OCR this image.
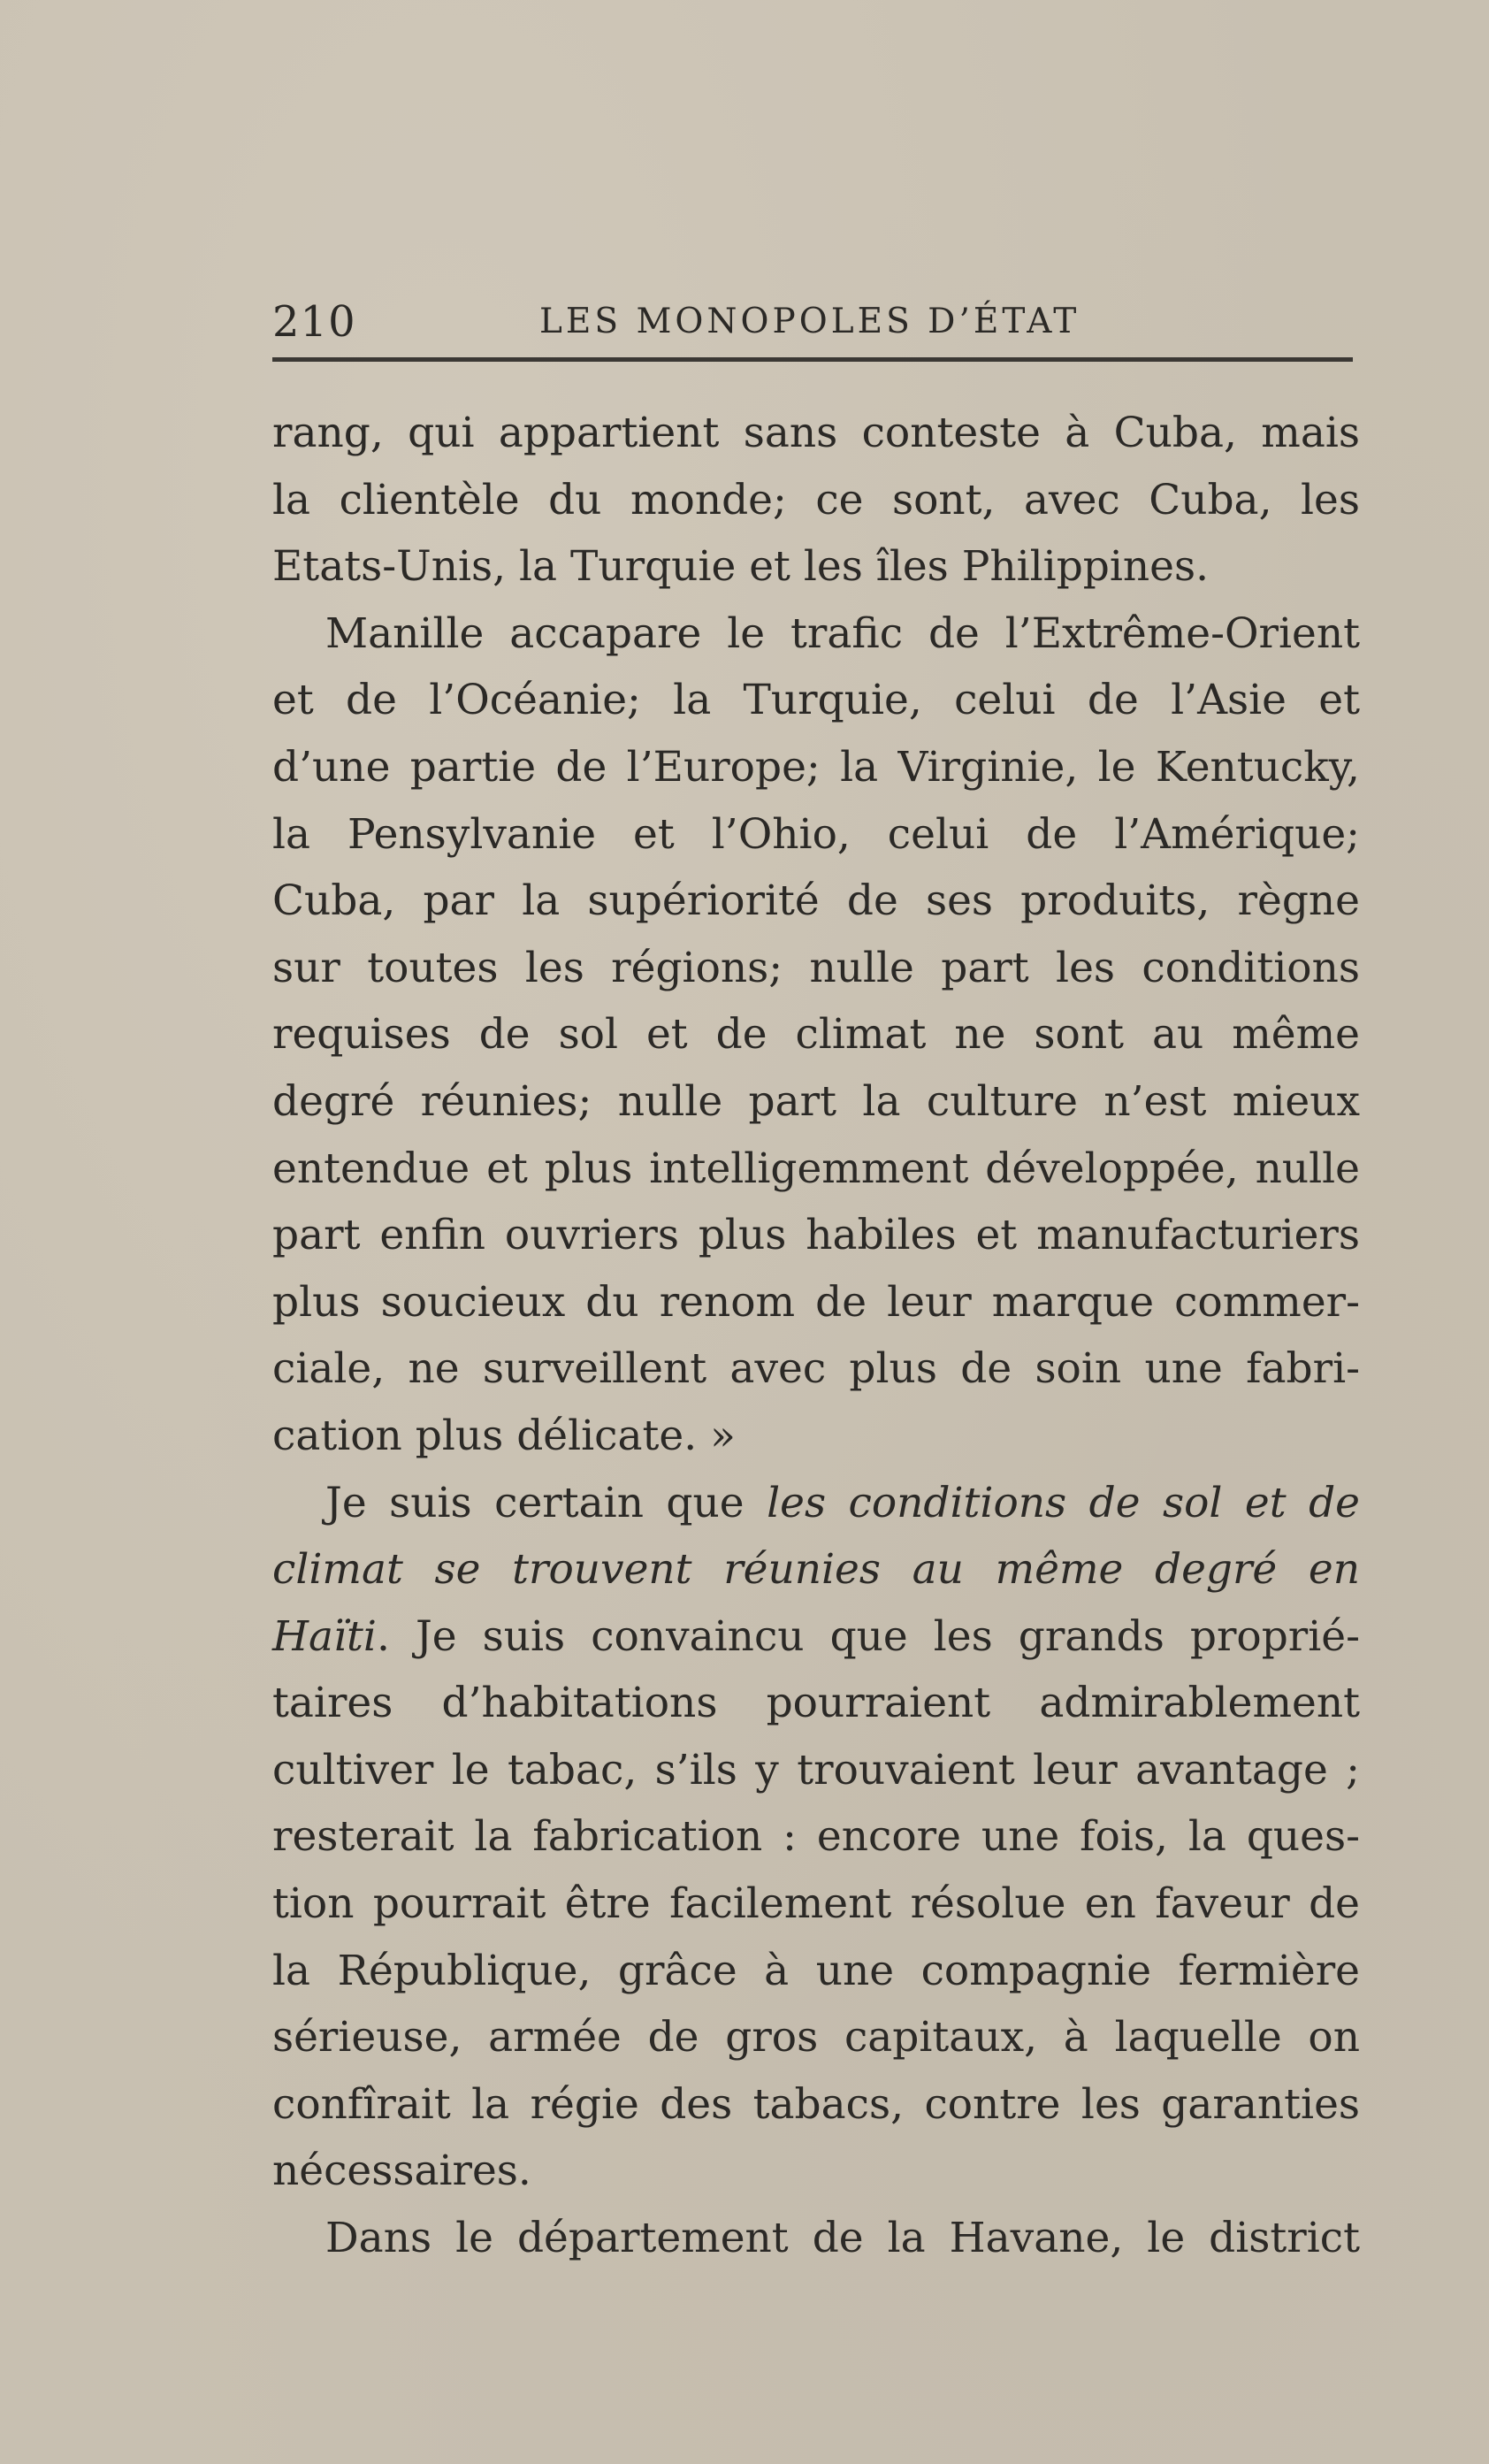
210	LES MONOPOLES D’ÉTAT
rang, qui appartient sans conteste à Cuba, mais
la clientèle du monde; ce sont, avec Cuba, les
Etats-Unis, la Turquie et les îles Philippines.
Manille accapare le trafic de l’Extrême-Orient
et de l’Océanie; la Turquie, celui de l’Asie et
d’une partie de l’Europe; la Virginie, le Kentucky,
la Pensylvanie et l’Ohio, celui de l’Amérique;
Cuba, par la supériorité de ses produits, règne
sur toutes les régions; nulle part les conditions
requises de sol et de climat ne sont au même
degré réunies; nulle part la culture n’est mieux
entendue et plus intelligemment développée, nulle
part enfin ouvriers plus habiles et manufacturiers
plus soucieux du renom de leur marque commer-
ciale, ne surveillent avec plus de soin une fabri-
cation plus délicate. »
Je suis certain que les conditions de sol et de
climat se trouvent réunies au même degré en
Haïti. Je suis convaincu que les grands proprié-
taires d’habitations pourraient admirablement
cultiver le tabac, s’ils y trouvaient leur avantage ;
resterait la fabrication : encore une fois, la ques-
tion pourrait être facilement résolue en faveur de
la République, grâce à une compagnie fermière
sérieuse, armée de gros capitaux, à laquelle on
confîrait la régie des tabacs, contre les garanties
nécessaires.
Dans le département de la Havane, le district
